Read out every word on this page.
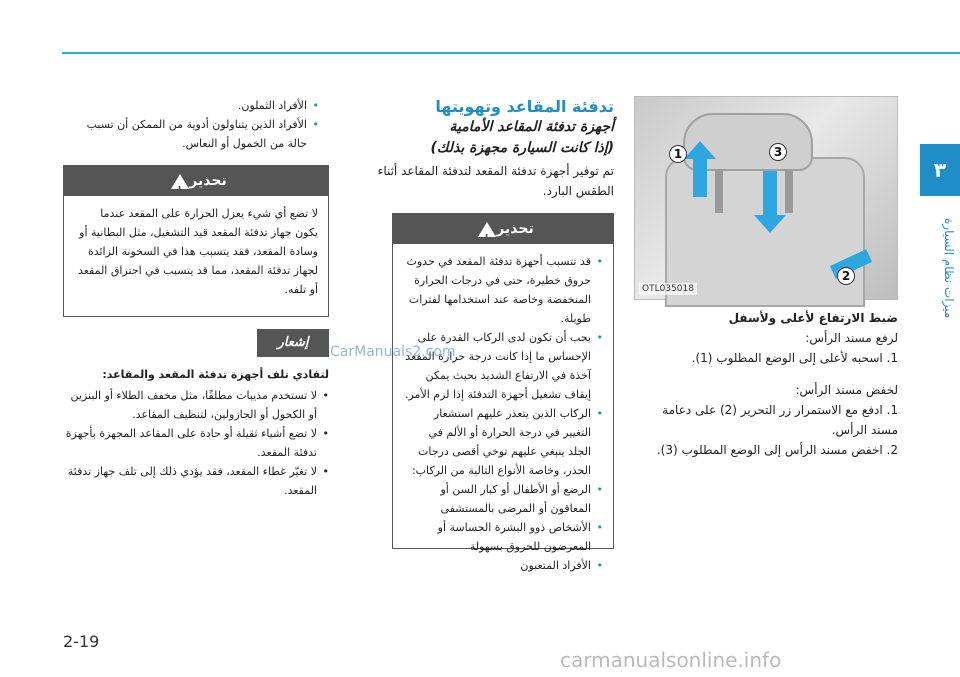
٣
ميزات نظام السيارة
1	3
2
OTL035018

ضبط الارتفاع لأعلى ولأسفل

لرفع مسند الرأس:

1. اسحبه لأعلى إلى الوضع المطلوب (1).

لخفض مسند الرأس:

1. ادفع مع الاستمرار زر التحرير (2) على دعامة مسند الرأس.

2. اخفض مسند الرأس إلى الوضع المطلوب (3).

تدفئة المقاعد وتهويتها
أجهزة تدفئة المقاعد الأمامية
(إذا كانت السيارة مجهزة بذلك)
تم توفير أجهزة تدفئة المقعد لتدفئة المقاعد أثناء الطقس البارد.
تحذير!
• قد تتسبب أجهزة تدفئة المقعد في حدوث حروق خطيرة، حتى في درجات الحرارة المنخفضة وخاصة عند استخدامها لفترات طويلة.
• يجب أن تكون لدى الركاب القدرة على الإحساس ما إذا كانت درجة حرارة المقعد آخذة في الارتفاع الشديد بحيث يمكن إيقاف تشغيل أجهزة التدفئة إذا لزم الأمر.
• الركاب الذين يتعذر عليهم استشعار التغيير في درجة الحرارة أو الألم في الجلد ينبغي عليهم توخي أقصى درجات الحذر، وخاصة الأنواع التالية من الركاب:
• الرضع أو الأطفال أو كبار السن أو المعاقون أو المرضى بالمستشفى
• الأشخاص ذوو البشرة الحساسة أو المعرضون للحروق بسهولة
• الأفراد المتعبون
• الأفراد الثملون.
• الأفراد الذين يتناولون أدوية من الممكن أن تسبب حالة من الخمول أو النعاس.
تحذير!
لا تضع أي شيء يعزل الحرارة على المقعد عندما يكون جهاز تدفئة المقعد قيد التشغيل، مثل البطانية أو وسادة المقعد، فقد يتسبب هذا في السخونة الزائدة لجهاز تدفئة المقعد، مما قد يتسبب في احتراق المقعد أو تلفه.
إشعار

لتفادي تلف أجهزة تدفئة المقعد والمقاعد:

• لا تستخدم مذيبات مطلقًا، مثل مخفف الطلاء أو البنزين أو الكحول أو الجازولين، لتنظيف المقاعد.
• لا تضع أشياء ثقيلة أو حادة على المقاعد المجهزة بأجهزة تدفئة المقعد.
• لا تغيّر غطاء المقعد، فقد يؤدي ذلك إلى تلف جهاز تدفئة المقعد.
CarManuals2.com
2-19
carmanualsonline.info
